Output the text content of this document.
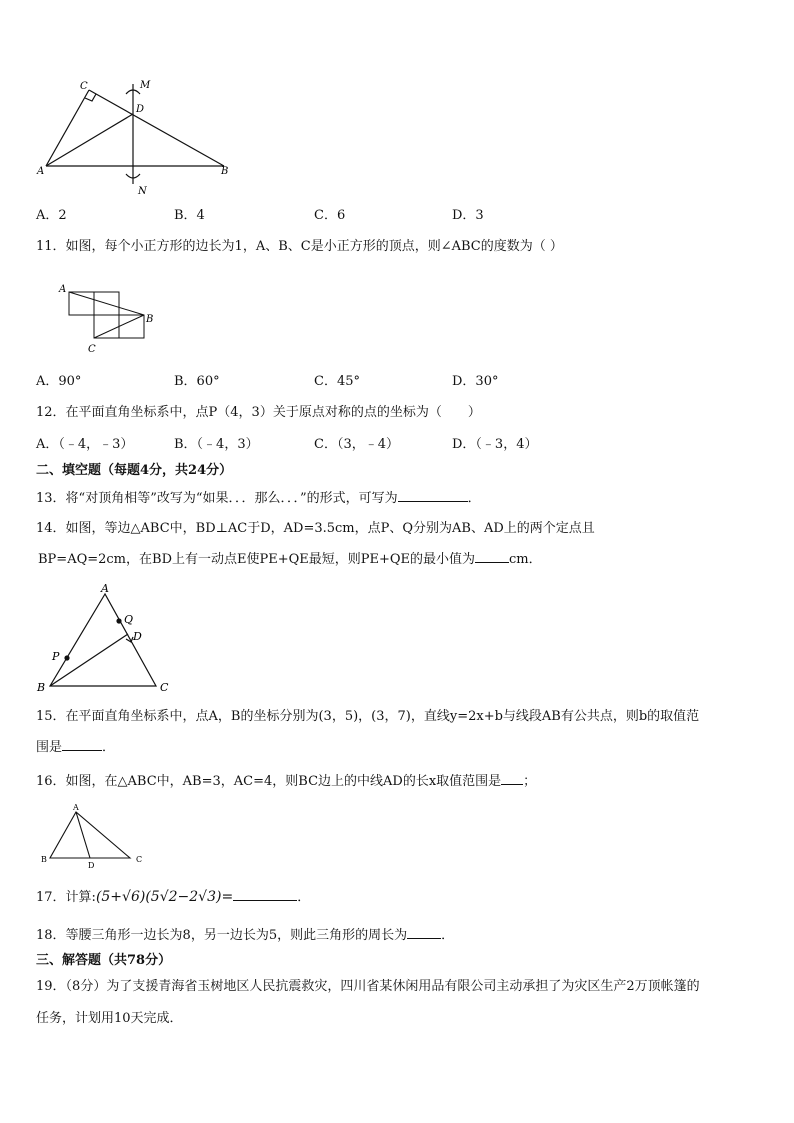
C
D
M
A	B
N
A．2	B．4	C．6	D．3
11．如图，每个小正方形的边长为1，A、B、C是小正方形的顶点，则∠ABC的度数为（ ）
A
B
C
A．90°	B．60°	C．45°	D．30°
12．在平面直角坐标系中，点P（4，3）关于原点对称的点的坐标为（　　）
A．（﹣4，﹣3）	B．（﹣4，3）	C．（3，﹣4）	D．（﹣3，4）
二、填空题（每题4分，共24分）
13．将“对顶角相等”改写为“如果．．．那么．．．”的形式，可写为	．
14．如图，等边△ABC中，BD⊥AC于D，AD=3.5cm，点P、Q分别为AB、AD上的两个定点且
BP=AQ=2cm，在BD上有一动点E使PE+QE最短，则PE+QE的最小值为	cm．
A
Q
D
P
B	C
15．在平面直角坐标系中，点A，B的坐标分别为(3，5)，(3，7)，直线y=2x+b与线段AB有公共点，则b的取值范
围是	．
16．如图，在△ABC中，AB=3，AC=4，则BC边上的中线AD的长x取值范围是 ；
A
B
D
C
17．计算:(5+√6)(5√2−2√3)=	．
18．等腰三角形一边长为8，另一边长为5，则此三角形的周长为	．
三、解答题（共78分）
19．（8分）为了支援青海省玉树地区人民抗震救灾，四川省某休闲用品有限公司主动承担了为灾区生产2万顶帐篷的
任务，计划用10天完成．
